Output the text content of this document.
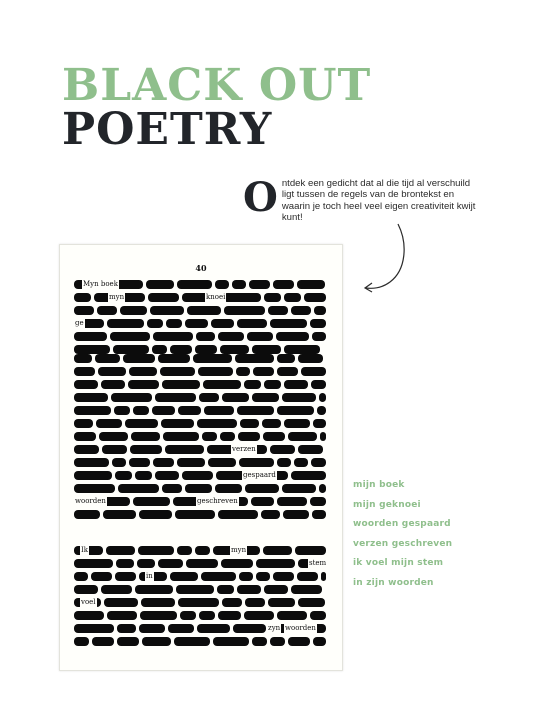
BLACK OUT
POETRY

Ontdek een gedicht dat al die tijd al verschuild ligt tussen de regels van de brontekst en waarin je toch heel veel eigen creativiteit kwijt kunt!

40
Myn boek
myn	knoei
ge
verzen
gespaard
woorden	geschreven
Ik	myn
stem
in
voel
zyn woorden
mijn boek
mijn geknoei
woorden gespaard
verzen geschreven
ik voel mijn stem
in zijn woorden
